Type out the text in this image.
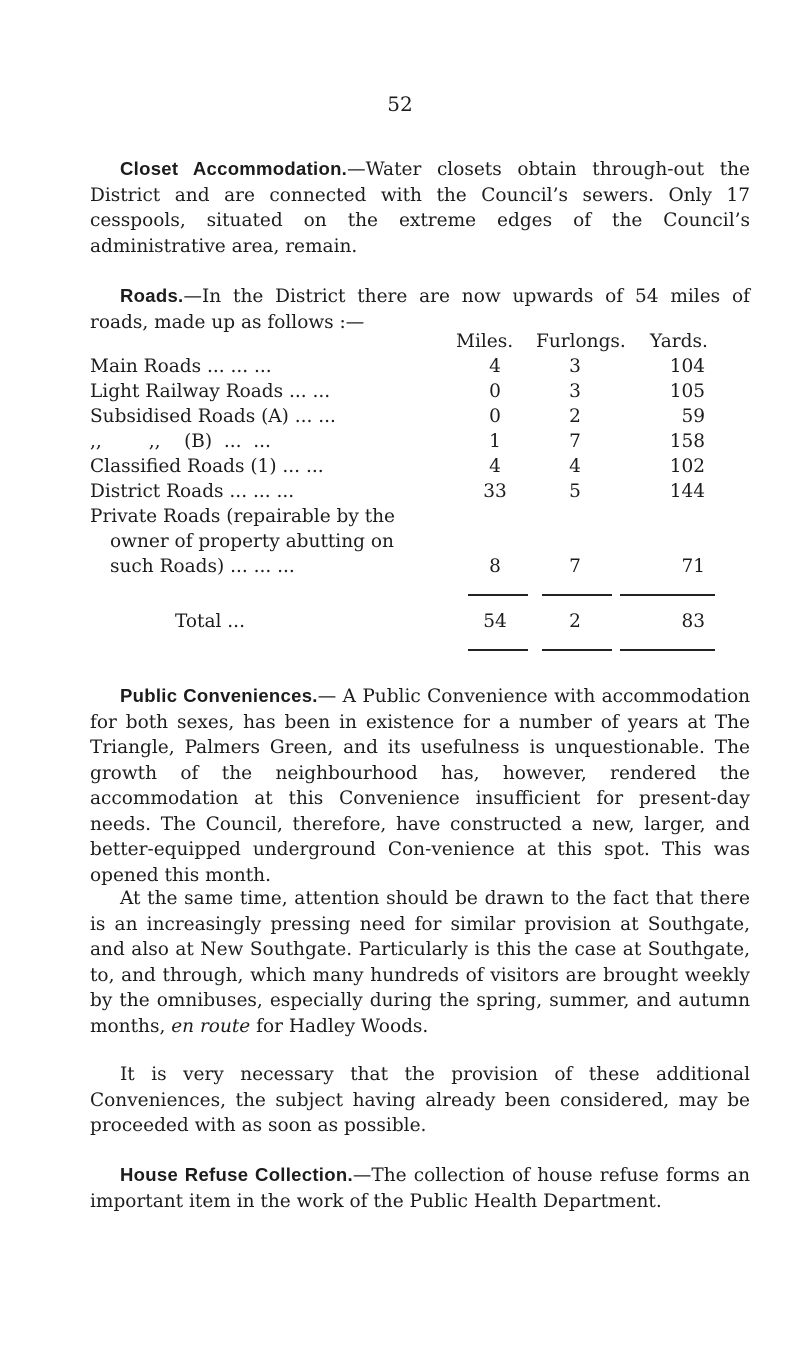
52

Closet Accommodation.—Water closets obtain through-out the District and are connected with the Council’s sewers. Only 17 cesspools, situated on the extreme edges of the Council’s administrative area, remain.

Roads.—In the District there are now upwards of 54 miles of roads, made up as follows :—

Miles. Furlongs. Yards.
Main Roads ... ... ...	4	3	104
Light Railway Roads ... ...	0	3	105
Subsidised Roads (A) ... ...	0	2	59
,,        ,,    (B)  ...  ...	1	7	158
Classified Roads (1) ... ...	4	4	102
District Roads ... ... ...	33	5	144
Private Roads (repairable by the
owner of property abutting on
such Roads) ... ... ...	8	7	71
Total ...	54	2	83

Public Conveniences.— A Public Convenience with accommodation for both sexes, has been in existence for a number of years at The Triangle, Palmers Green, and its usefulness is unquestionable. The growth of the neighbourhood has, however, rendered the accommodation at this Convenience insufficient for present-day needs. The Council, therefore, have constructed a new, larger, and better-equipped underground Con-venience at this spot. This was opened this month.

At the same time, attention should be drawn to the fact that there is an increasingly pressing need for similar provision at Southgate, and also at New Southgate. Particularly is this the case at Southgate, to, and through, which many hundreds of visitors are brought weekly by the omnibuses, especially during the spring, summer, and autumn months, en route for Hadley Woods.

It is very necessary that the provision of these additional Conveniences, the subject having already been considered, may be proceeded with as soon as possible.

House Refuse Collection.—The collection of house refuse forms an important item in the work of the Public Health Department.
